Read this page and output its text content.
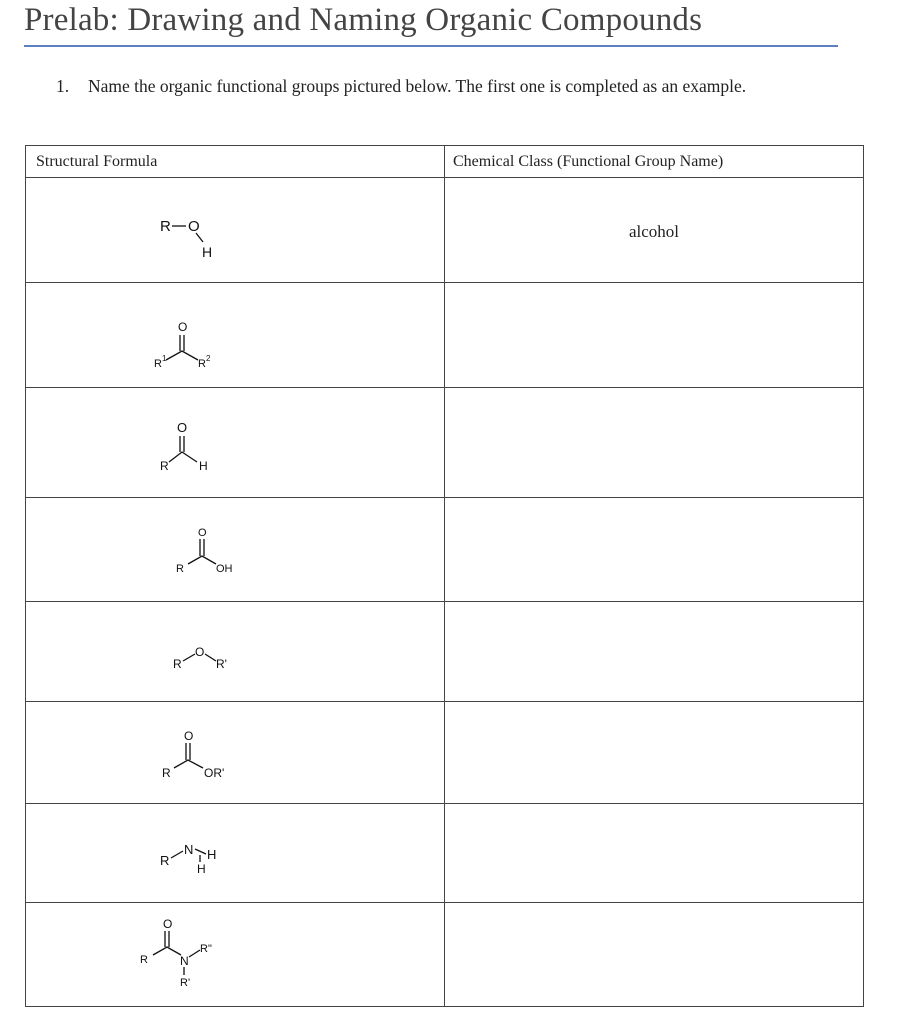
Prelab: Drawing and Naming Organic Compounds
1. Name the organic functional groups pictured below. The first one is completed as an example.
Structural Formula	Chemical Class (Functional Group Name)

R O
H	alcohol

O
R 1 R 2	

O
R H	

O
R OH	

R
O
R'	

O
R OR'	

R
N H
H	

O
R N
R"
R'	
